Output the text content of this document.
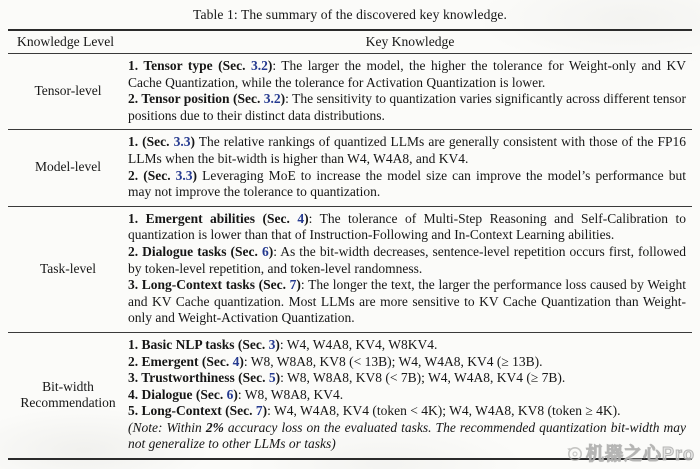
Table 1: The summary of the discovered key knowledge.
Knowledge Level	Key Knowledge
Tensor-level

1. Tensor type (Sec. 3.2): The larger the model, the higher the tolerance for Weight-only and KV Cache Quantization, while the tolerance for Activation Quantization is lower.

2. Tensor position (Sec. 3.2): The sensitivity to quantization varies significantly across different tensor positions due to their distinct data distributions.

Model-level

1. (Sec. 3.3) The relative rankings of quantized LLMs are generally consistent with those of the FP16 LLMs when the bit-width is higher than W4, W4A8, and KV4.

2. (Sec. 3.3) Leveraging MoE to increase the model size can improve the model’s performance but may not improve the tolerance to quantization.

Task-level

1. Emergent abilities (Sec. 4): The tolerance of Multi-Step Reasoning and Self-Calibration to quantization is lower than that of Instruction-Following and In-Context Learning abilities.

2. Dialogue tasks (Sec. 6): As the bit-width decreases, sentence-level repetition occurs first, followed by token-level repetition, and token-level randomness.

3. Long-Context tasks (Sec. 7): The longer the text, the larger the performance loss caused by Weight and KV Cache quantization. Most LLMs are more sensitive to KV Cache Quantization than Weight-only and Weight-Activation Quantization.

Bit-width Recommendation

1. Basic NLP tasks (Sec. 3): W4, W4A8, KV4, W8KV4.

2. Emergent (Sec. 4): W8, W8A8, KV8 (< 13B); W4, W4A8, KV4 (≥ 13B).

3. Trustworthiness (Sec. 5): W8, W8A8, KV8 (< 7B); W4, W4A8, KV4 (≥ 7B).

4. Dialogue (Sec. 6): W8, W8A8, KV4.

5. Long-Context (Sec. 7): W4, W4A8, KV4 (token < 4K); W4, W4A8, KV8 (token ≥ 4K).

(Note: Within 2% accuracy loss on the evaluated tasks. The recommended quantization bit-width may not generalize to other LLMs or tasks)

机器之心Pro
